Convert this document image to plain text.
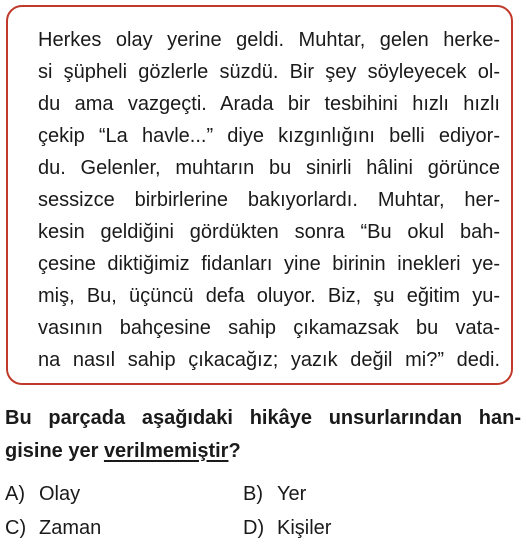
Herkes olay yerine geldi. Muhtar, gelen herke-
si şüpheli gözlerle süzdü. Bir şey söyleyecek ol-
du ama vazgeçti. Arada bir tesbihini hızlı hızlı
çekip “La havle...” diye kızgınlığını belli ediyor-
du. Gelenler, muhtarın bu sinirli hâlini görünce
sessizce birbirlerine bakıyorlardı. Muhtar, her-
kesin geldiğini gördükten sonra “Bu okul bah-
çesine diktiğimiz fidanları yine birinin inekleri ye-
miş, Bu, üçüncü defa oluyor. Biz, şu eğitim yu-
vasının bahçesine sahip çıkamazsak bu vata-
na nasıl sahip çıkacağız; yazık değil mi?” dedi.
Bu parçada aşağıdaki hikâye unsurlarından han-
gisine yer verilmemiştir?
A) Olay	B) Yer
C) Zaman	D) Kişiler
